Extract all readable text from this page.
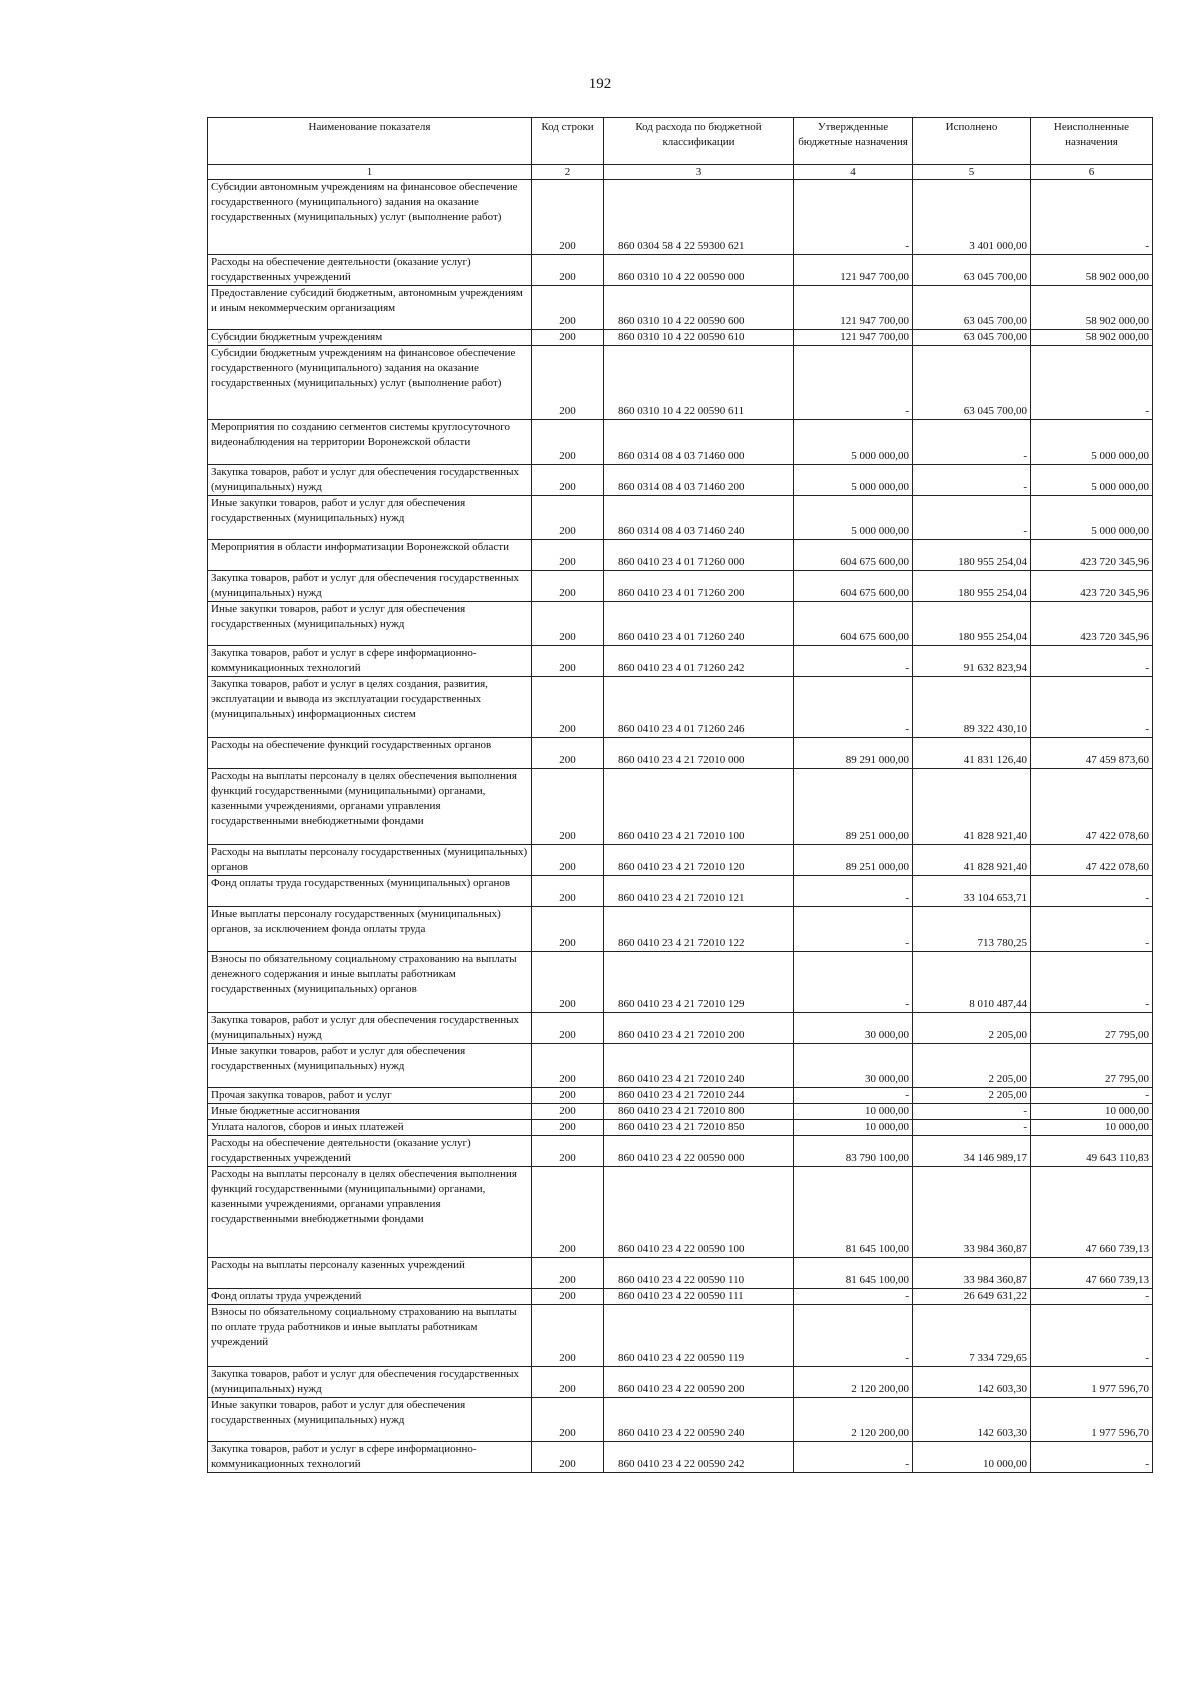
192
Наименование показателя	Код строки	Код расхода по бюджетной классификации	Утвержденные бюджетные назначения	Исполнено	Неисполненные назначения
1	2	3	4	5	6
Субсидии автономным учреждениям на финансовое обеспечение государственного (муниципального) задания на оказание государственных (муниципальных) услуг (выполнение работ)	200	860 0304 58 4 22 59300 621	-	3 401 000,00	-
Расходы на обеспечение деятельности (оказание услуг) государственных учреждений	200	860 0310 10 4 22 00590 000	121 947 700,00	63 045 700,00	58 902 000,00
Предоставление субсидий бюджетным, автономным учреждениям и иным некоммерческим организациям	200	860 0310 10 4 22 00590 600	121 947 700,00	63 045 700,00	58 902 000,00
Субсидии бюджетным учреждениям	200	860 0310 10 4 22 00590 610	121 947 700,00	63 045 700,00	58 902 000,00
Субсидии бюджетным учреждениям на финансовое обеспечение государственного (муниципального) задания на оказание государственных (муниципальных) услуг (выполнение работ)	200	860 0310 10 4 22 00590 611	-	63 045 700,00	-
Мероприятия по созданию сегментов системы круглосуточного видеонаблюдения на территории Воронежской области	200	860 0314 08 4 03 71460 000	5 000 000,00	-	5 000 000,00
Закупка товаров, работ и услуг для обеспечения государственных (муниципальных) нужд	200	860 0314 08 4 03 71460 200	5 000 000,00	-	5 000 000,00
Иные закупки товаров, работ и услуг для обеспечения государственных (муниципальных) нужд	200	860 0314 08 4 03 71460 240	5 000 000,00	-	5 000 000,00
Мероприятия в области информатизации Воронежской области	200	860 0410 23 4 01 71260 000	604 675 600,00	180 955 254,04	423 720 345,96
Закупка товаров, работ и услуг для обеспечения государственных (муниципальных) нужд	200	860 0410 23 4 01 71260 200	604 675 600,00	180 955 254,04	423 720 345,96
Иные закупки товаров, работ и услуг для обеспечения государственных (муниципальных) нужд	200	860 0410 23 4 01 71260 240	604 675 600,00	180 955 254,04	423 720 345,96
Закупка товаров, работ и услуг в сфере информационно-коммуникационных технологий	200	860 0410 23 4 01 71260 242	-	91 632 823,94	-
Закупка товаров, работ и услуг в целях создания, развития, эксплуатации и вывода из эксплуатации государственных (муниципальных) информационных систем	200	860 0410 23 4 01 71260 246	-	89 322 430,10	-
Расходы на обеспечение функций государственных органов	200	860 0410 23 4 21 72010 000	89 291 000,00	41 831 126,40	47 459 873,60
Расходы на выплаты персоналу в целях обеспечения выполнения функций государственными (муниципальными) органами, казенными учреждениями, органами управления государственными внебюджетными фондами	200	860 0410 23 4 21 72010 100	89 251 000,00	41 828 921,40	47 422 078,60
Расходы на выплаты персоналу государственных (муниципальных) органов	200	860 0410 23 4 21 72010 120	89 251 000,00	41 828 921,40	47 422 078,60
Фонд оплаты труда государственных (муниципальных) органов	200	860 0410 23 4 21 72010 121	-	33 104 653,71	-
Иные выплаты персоналу государственных (муниципальных) органов, за исключением фонда оплаты труда	200	860 0410 23 4 21 72010 122	-	713 780,25	-
Взносы по обязательному социальному страхованию на выплаты денежного содержания и иные выплаты работникам государственных (муниципальных) органов	200	860 0410 23 4 21 72010 129	-	8 010 487,44	-
Закупка товаров, работ и услуг для обеспечения государственных (муниципальных) нужд	200	860 0410 23 4 21 72010 200	30 000,00	2 205,00	27 795,00
Иные закупки товаров, работ и услуг для обеспечения государственных (муниципальных) нужд	200	860 0410 23 4 21 72010 240	30 000,00	2 205,00	27 795,00
Прочая закупка товаров, работ и услуг	200	860 0410 23 4 21 72010 244	-	2 205,00	-
Иные бюджетные ассигнования	200	860 0410 23 4 21 72010 800	10 000,00	-	10 000,00
Уплата налогов, сборов и иных платежей	200	860 0410 23 4 21 72010 850	10 000,00	-	10 000,00
Расходы на обеспечение деятельности (оказание услуг) государственных учреждений	200	860 0410 23 4 22 00590 000	83 790 100,00	34 146 989,17	49 643 110,83
Расходы на выплаты персоналу в целях обеспечения выполнения функций государственными (муниципальными) органами, казенными учреждениями, органами управления государственными внебюджетными фондами	200	860 0410 23 4 22 00590 100	81 645 100,00	33 984 360,87	47 660 739,13
Расходы на выплаты персоналу казенных учреждений	200	860 0410 23 4 22 00590 110	81 645 100,00	33 984 360,87	47 660 739,13
Фонд оплаты труда учреждений	200	860 0410 23 4 22 00590 111	-	26 649 631,22	-
Взносы по обязательному социальному страхованию на выплаты по оплате труда работников и иные выплаты работникам учреждений	200	860 0410 23 4 22 00590 119	-	7 334 729,65	-
Закупка товаров, работ и услуг для обеспечения государственных (муниципальных) нужд	200	860 0410 23 4 22 00590 200	2 120 200,00	142 603,30	1 977 596,70
Иные закупки товаров, работ и услуг для обеспечения государственных (муниципальных) нужд	200	860 0410 23 4 22 00590 240	2 120 200,00	142 603,30	1 977 596,70
Закупка товаров, работ и услуг в сфере информационно-коммуникационных технологий	200	860 0410 23 4 22 00590 242	-	10 000,00	-
